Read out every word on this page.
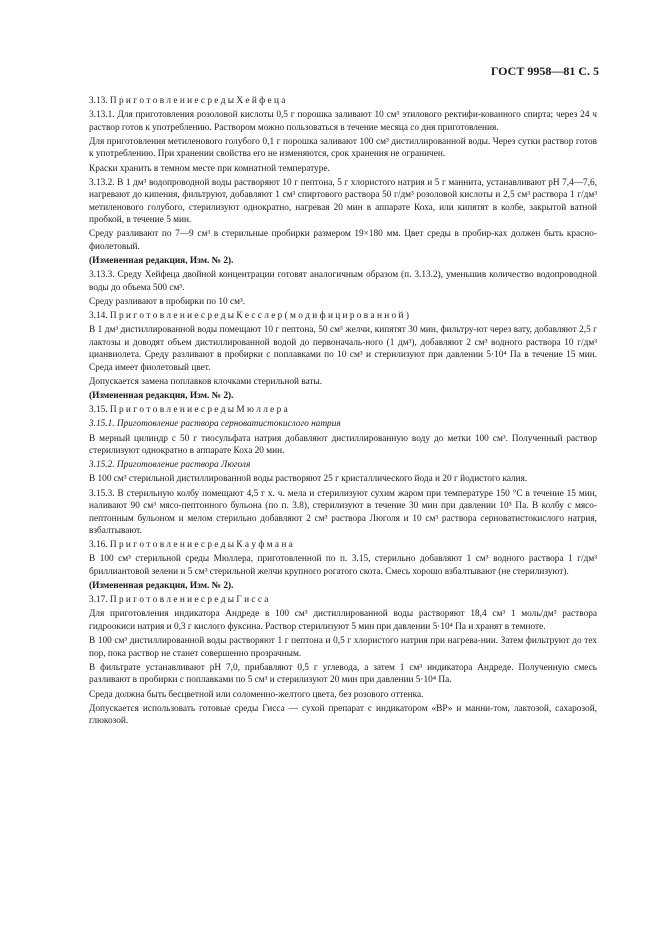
ГОСТ 9958—81 С. 5

3.13. П р и г о т о в л е н и е с р е д ы Х е й ф е ц а

3.13.1. Для приготовления розоловой кислоты 0,5 г порошка заливают 10 см³ этилового ректифи-кованного спирта; через 24 ч раствор готов к употреблению. Раствором можно пользоваться в течение месяца со дня приготовления.

Для приготовления метиленового голубого 0,1 г порошка заливают 100 см³ дистиллированной воды. Через сутки раствор готов к употреблению. При хранении свойства его не изменяются, срок хранения не ограничен.

Краски хранить в темном месте при комнатной температуре.

3.13.2. В 1 дм³ водопроводной воды растворяют 10 г пептона, 5 г хлористого натрия и 5 г маннита, устанавливают рН 7,4—7,6, нагревают до кипения, фильтруют, добавляют 1 см³ спиртового раствора 50 г/дм³ розоловой кислоты и 2,5 см³ раствора 1 г/дм³ метиленового голубого, стерилизуют однократно, нагревая 20 мин в аппарате Коха, или кипятят в колбе, закрытой ватной пробкой, в течение 5 мин.

Среду разливают по 7—9 см³ в стерильные пробирки размером 19×180 мм. Цвет среды в пробир-ках должен быть красно-фиолетовый.

(Измененная редакция, Изм. № 2).

3.13.3. Среду Хейфеца двойной концентрации готовят аналогичным образом (п. 3.13.2), уменьшив количество водопроводной воды до объема 500 см³.

Среду разливают в пробирки по 10 см³.

3.14. П р и г о т о в л е н и е с р е д ы К е с с л е р ( м о д и ф и ц и р о в а н н о й )

В 1 дм³ дистиллированной воды помещают 10 г пептона, 50 см³ желчи, кипятят 30 мин, фильтру-ют через вату, добавляют 2,5 г лактозы и доводят объем дистиллированной водой до первоначаль-ного (1 дм³), добавляют 2 см³ водного раствора 10 г/дм³ цианвиолета. Среду разливают в пробирки с поплавками по 10 см³ и стерилизуют при давлении 5·10⁴ Па в течение 15 мин. Среда имеет фиолетовый цвет.

Допускается замена поплавков клочками стерильной ваты.

(Измененная редакция, Изм. № 2).

3.15. П р и г о т о в л е н и е с р е д ы М ю л л е р а

3.15.1. Приготовление раствора серноватистокислого натрия

В мерный цилиндр с 50 г тиосульфата натрия добавляют дистиллированную воду до метки 100 см³. Полученный раствор стерилизуют однократно в аппарате Коха 20 мин.

3.15.2. Приготовление раствора Люголя

В 100 см³ стерильной дистиллированной воды растворяют 25 г кристаллического йода и 20 г йодистого калия.

3.15.3. В стерильную колбу помещают 4,5 г х. ч. мела и стерилизуют сухим жаром при температуре 150 °С в течение 15 мин, наливают 90 см³ мясо-пептонного бульона (по п. 3.8), стерилизуют в течение 30 мин при давлении 10⁵ Па. В колбу с мясо-пептонным бульоном и мелом стерильно добавляют 2 см³ раствора Люголя и 10 см³ раствора серноватистокислого натрия, взбалтывают.

3.16. П р и г о т о в л е н и е с р е д ы К а у ф м а н а

В 100 см³ стерильной среды Мюллера, приготовленной по п. 3.15, стерильно добавляют 1 см³ водного раствора 1 г/дм³ бриллиантовой зелени и 5 см³ стерильной желчи крупного рогатого скота. Смесь хорошо взбалтывают (не стерилизуют).

(Измененная редакция, Изм. № 2).

3.17. П р и г о т о в л е н и е с р е д ы Г и с с а

Для приготовления индикатора Андреде в 100 см³ дистиллированной воды растворяют 18,4 см³ 1 моль/дм³ раствора гидроокиси натрия и 0,3 г кислого фуксина. Раствор стерилизуют 5 мин при давлении 5·10⁴ Па и хранят в темноте.

В 100 см³ дистиллированной воды растворяют 1 г пептона и 0,5 г хлористого натрия при нагрева-нии. Затем фильтруют до тех пор, пока раствор не станет совершенно прозрачным.

В фильтрате устанавливают рН 7,0, прибавляют 0,5 г углевода, а затем 1 см³ индикатора Андреде. Полученную смесь разливают в пробирки с поплавками по 5 см³ и стерилизуют 20 мин при давлении 5·10⁴ Па.

Среда должна быть бесцветной или соломенно-желтого цвета, без розового оттенка.

Допускается использовать готовые среды Гисса — сухой препарат с индикатором «ВР» и манни-том, лактозой, сахарозой, глюкозой.
